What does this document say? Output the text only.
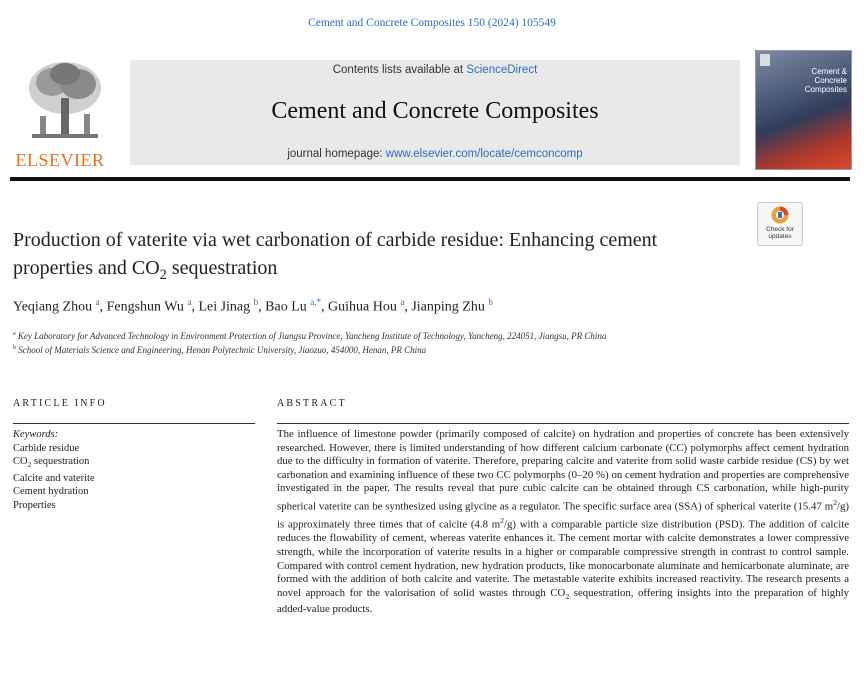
Cement and Concrete Composites 150 (2024) 105549
ELSEVIER
Contents lists available at ScienceDirect
Cement and Concrete Composites
journal homepage: www.elsevier.com/locate/cemconcomp
Cement &
Concrete
Composites
Production of vaterite via wet carbonation of carbide residue: Enhancing cement properties and $CO_2$ sequestration
Check for
updates
Yeqiang Zhou $^a$, Fengshun Wu $^a$, Lei Jinag $^b$, Bao Lu $^{a,*}$, Guihua Hou $^a$, Jianping Zhu $^b$
$^a$ Key Laboratory for Advanced Technology in Environment Protection of Jiangsu Province, Yancheng Institute of Technology, Yancheng, 224051, Jiangsu, PR China
$^b$ School of Materials Science and Engineering, Henan Polytechnic University, Jiaozuo, 454000, Henan, PR China
ARTICLE INFO	ABSTRACT
Keywords:
Carbide residue
$CO_2$ sequestration
Calcite and vaterite
Cement hydration
Properties
The influence of limestone powder (primarily composed of calcite) on hydration and properties of concrete has been extensively researched. However, there is limited understanding of how different calcium carbonate (CC) polymorphs affect cement hydration due to the difficulty in formation of vaterite. Therefore, preparing calcite and vaterite from solid waste carbide residue (CS) by wet carbonation and examining influence of these two CC polymorphs (0–20 %) on cement hydration and properties are comprehensive investigated in the paper. The results reveal that pure cubic calcite can be obtained through CS carbonation, while high-purity spherical vaterite can be synthesized using glycine as a regulator. The specific surface area (SSA) of spherical vaterite (15.47 $m^2/g$) is approximately three times that of calcite (4.8 $m^2/g$) with a comparable particle size distribution (PSD). The addition of calcite reduces the flowability of cement, whereas vaterite enhances it. The cement mortar with calcite demonstrates a lower compressive strength, while the incorporation of vaterite results in a higher or comparable compressive strength in contrast to control sample. Compared with control cement hydration, new hydration products, like monocarbonate aluminate and hemicarbonate aluminate, are formed with the addition of both calcite and vaterite. The metastable vaterite exhibits increased reactivity. The research presents a novel approach for the valorisation of solid wastes through $CO_2$ sequestration, offering insights into the preparation of highly added-value products.
